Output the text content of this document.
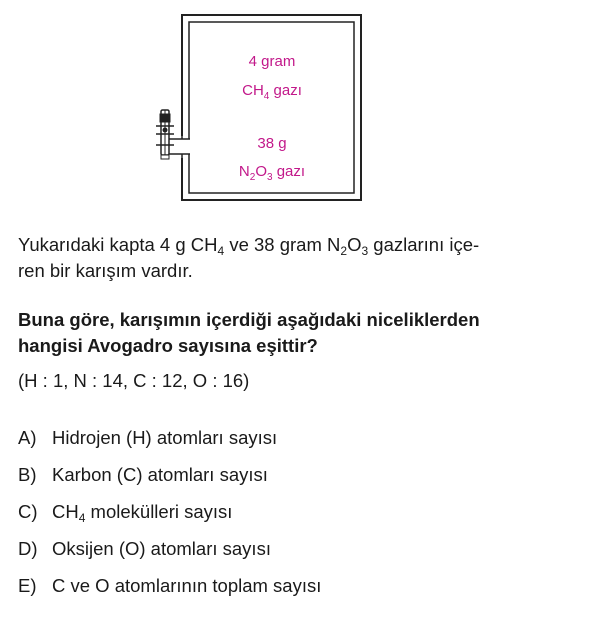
4 gram
$CH_4$ gazı
38 g
$N_2O_3$ gazı
Yukarıdaki kapta 4 g $CH_4$ ve 38 gram $N_2O_3$ gazlarını içe-
ren bir karışım vardır.
Buna göre, karışımın içerdiği aşağıdaki niceliklerden
hangisi Avogadro sayısına eşittir?
(H : 1, N : 14, C : 12, O : 16)
A) Hidrojen (H) atomları sayısı
B) Karbon (C) atomları sayısı
C) $CH_4$ molekülleri sayısı
D) Oksijen (O) atomları sayısı
E) C ve O atomlarının toplam sayısı
